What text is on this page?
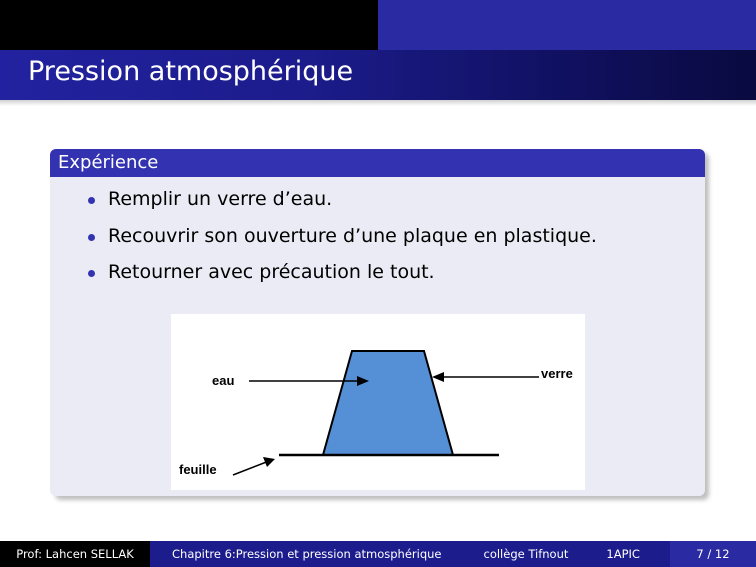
Pression atmosphérique
Expérience
Remplir un verre d’eau.
Recouvrir son ouverture d’une plaque en plastique.
Retourner avec précaution le tout.
eau	verre
feuille
Prof: Lahcen SELLAK	Chapitre 6:Pression et pression atmosphérique	collège Tifnout	1APIC	7 / 12
